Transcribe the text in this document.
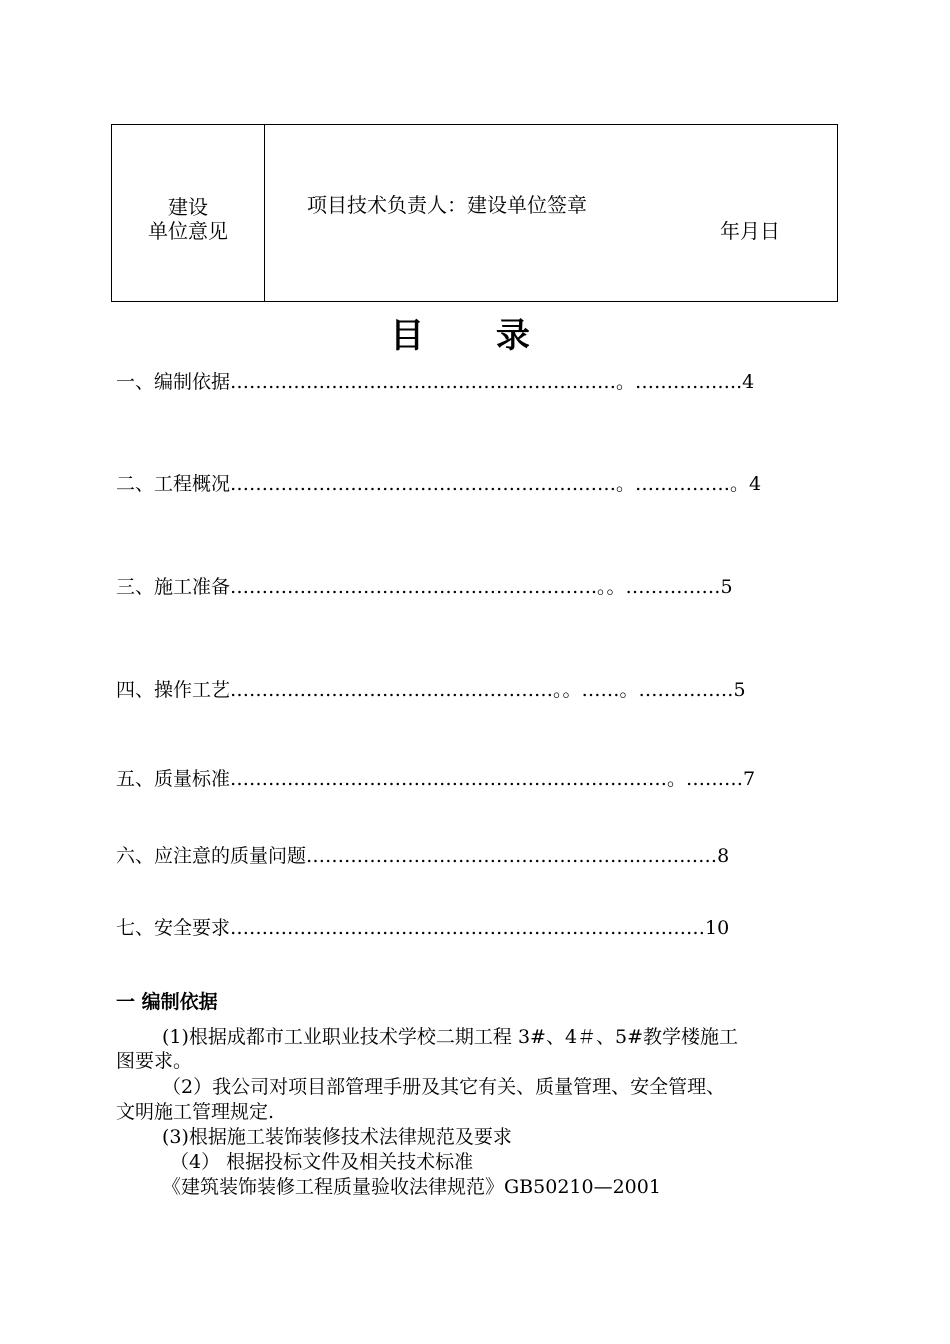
建设
单位意见
项目技术负责人：建设单位签章
年月日
目 录
一、编制依据……………………………………………….……。……………..4
二、工程概况……………………………………………….……。……………。4
三、施工准备………………………………………………….。。……………5
四、操作工艺……………………………………………。。……。……………5
五、质量标准……………………………………………………………。………7
六、应注意的质量问题……………………………………………..…………8
七、安全要求…………………………………………………………………10
一 编制依据
(1)根据成都市工业职业技术学校二期工程 3#、4＃、5#教学楼施工
图要求。
（2）我公司对项目部管理手册及其它有关、质量管理、安全管理、
文明施工管理规定.
(3)根据施工装饰装修技术法律规范及要求
（4） 根据投标文件及相关技术标准
《建筑装饰装修工程质量验收法律规范》GB50210—2001
